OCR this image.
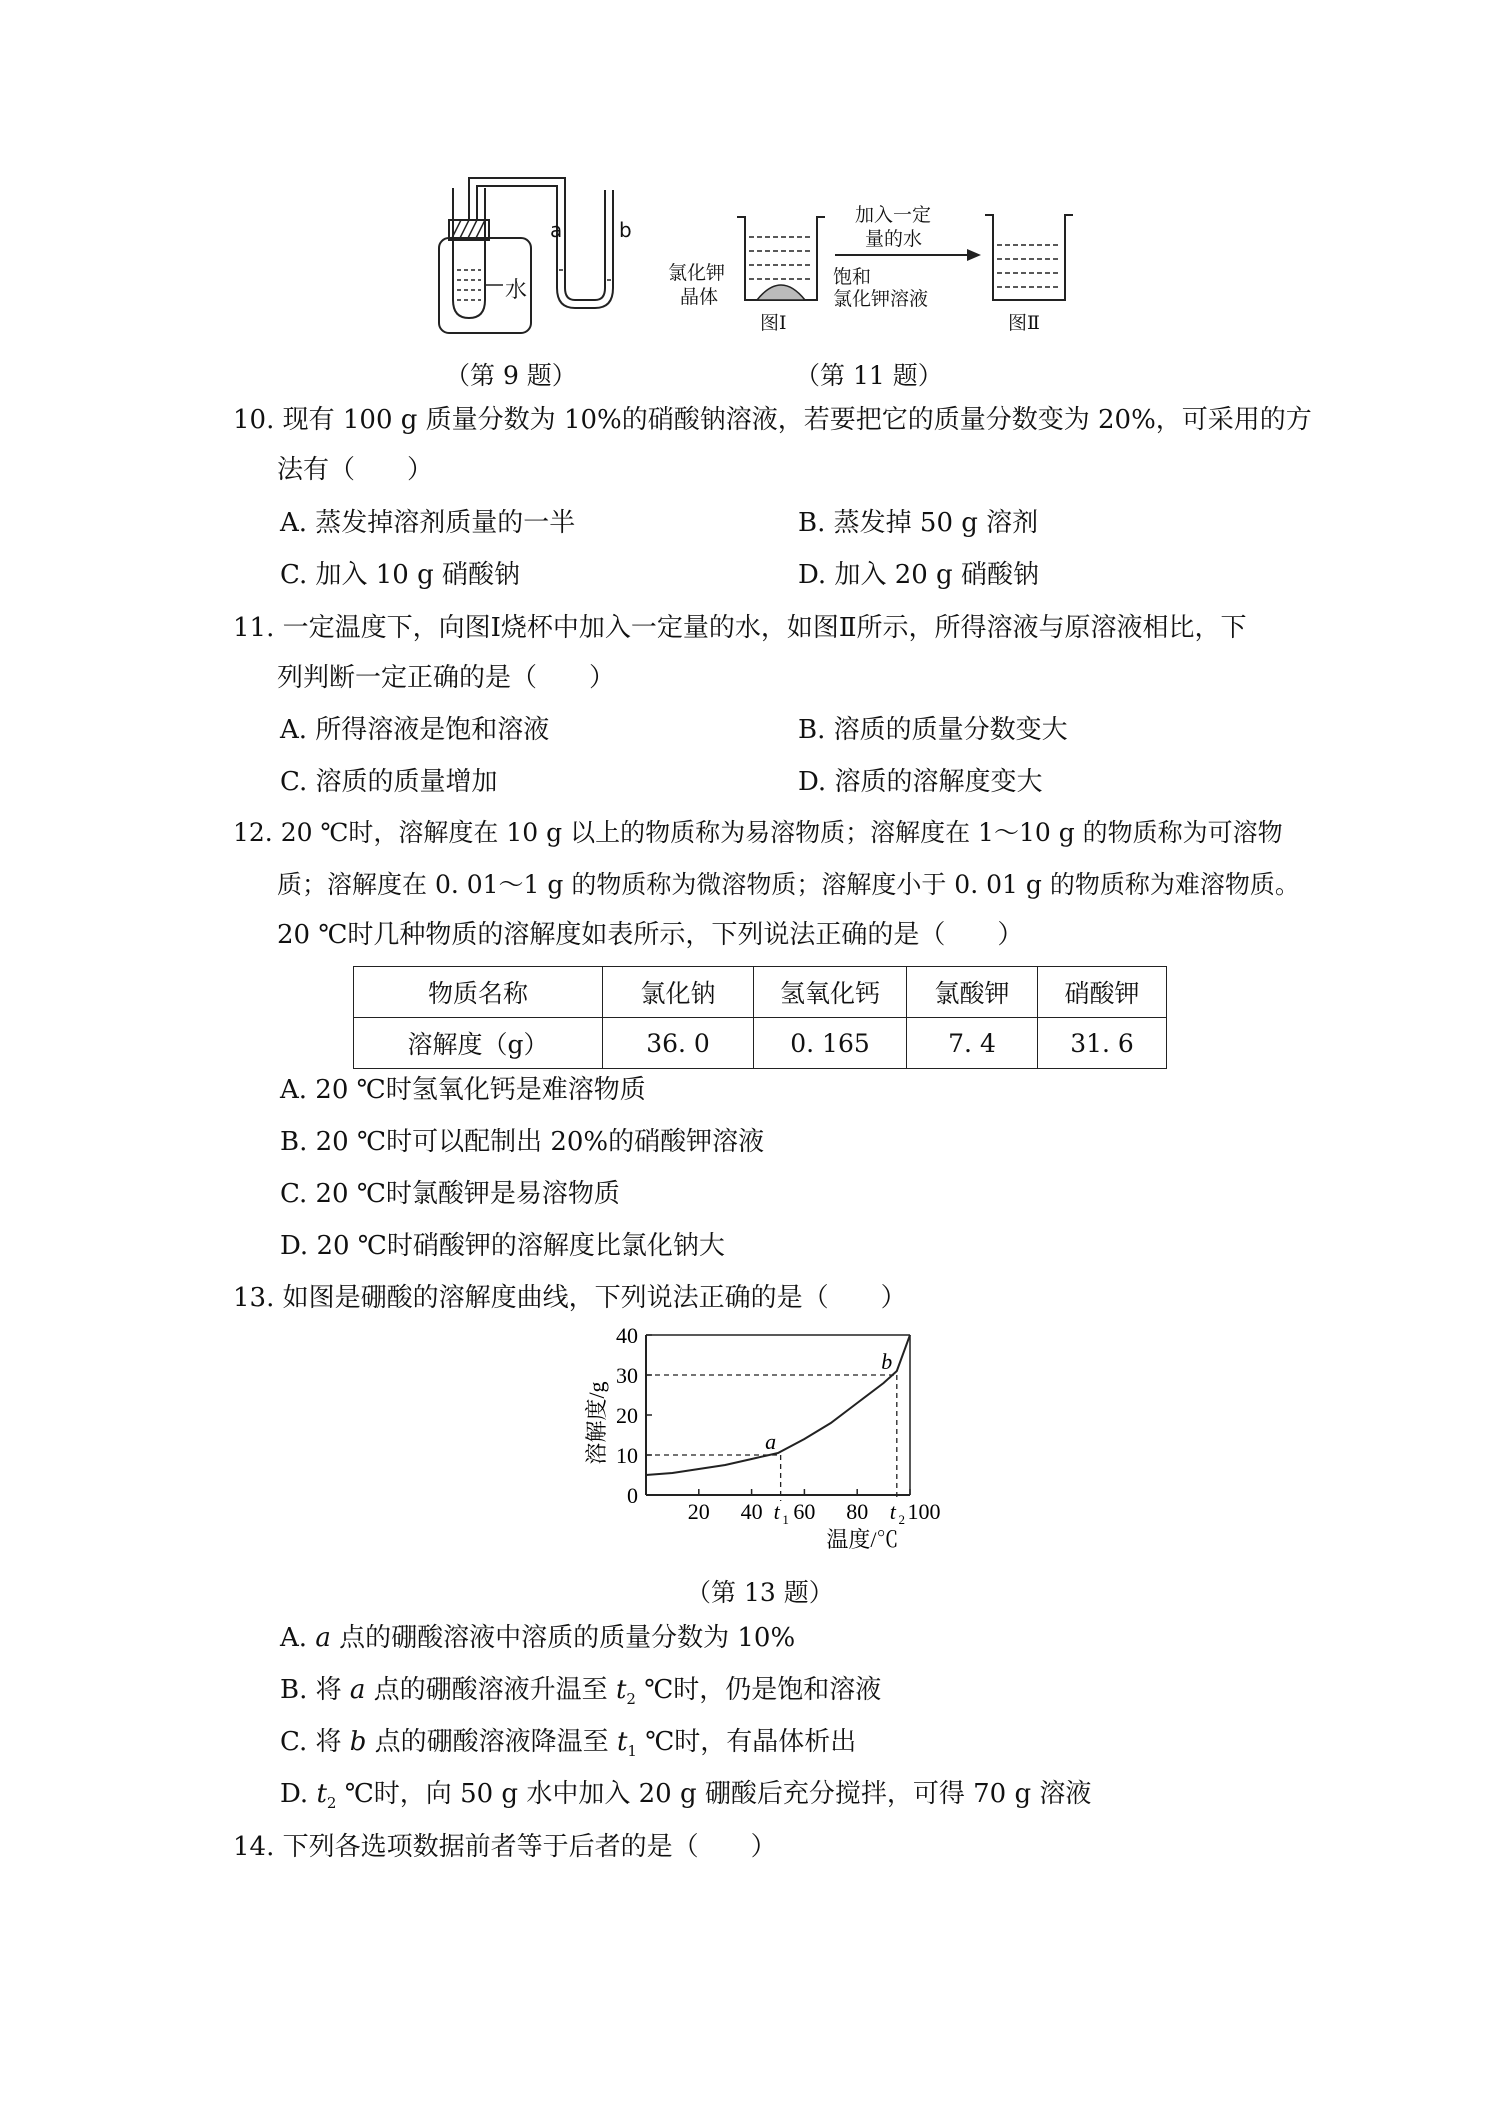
a	b
水
加入一定
量的水
氯化钾
晶体
饱和
氯化钾溶液
图Ⅰ	图Ⅱ
（第 9 题）	（第 11 题）
10. 现有 100 g 质量分数为 10%的硝酸钠溶液，若要把它的质量分数变为 20%，可采用的方
法有（　　）
A. 蒸发掉溶剂质量的一半	B. 蒸发掉 50 g 溶剂
C. 加入 10 g 硝酸钠	D. 加入 20 g 硝酸钠
11. 一定温度下，向图Ⅰ烧杯中加入一定量的水，如图Ⅱ所示，所得溶液与原溶液相比，下
列判断一定正确的是（　　）
A. 所得溶液是饱和溶液	B. 溶质的质量分数变大
C. 溶质的质量增加	D. 溶质的溶解度变大
12. 20 ℃时，溶解度在 10 g 以上的物质称为易溶物质；溶解度在 1～10 g 的物质称为可溶物
质；溶解度在 0. 01～1 g 的物质称为微溶物质；溶解度小于 0. 01 g 的物质称为难溶物质。
20 ℃时几种物质的溶解度如表所示，下列说法正确的是（　　）
物质名称	氯化钠	氢氧化钙	氯酸钾	硝酸钾
溶解度（g）	36. 0	0. 165	7. 4	31. 6
A. 20 ℃时氢氧化钙是难溶物质
B. 20 ℃时可以配制出 20%的硝酸钾溶液
C. 20 ℃时氯酸钾是易溶物质
D. 20 ℃时硝酸钾的溶解度比氯化钠大
13. 如图是硼酸的溶解度曲线，下列说法正确的是（　　）
0
10
20
30
40
20 40 60 80 100
温度/℃
溶解度/g	a
b
t 1	t 2
（第 13 题）
A. a 点的硼酸溶液中溶质的质量分数为 10%
B. 将 a 点的硼酸溶液升温至 $t_2$ ℃时，仍是饱和溶液
C. 将 b 点的硼酸溶液降温至 $t_1$ ℃时，有晶体析出
D. $t_2$ ℃时，向 50 g 水中加入 20 g 硼酸后充分搅拌，可得 70 g 溶液
14. 下列各选项数据前者等于后者的是（　　）
